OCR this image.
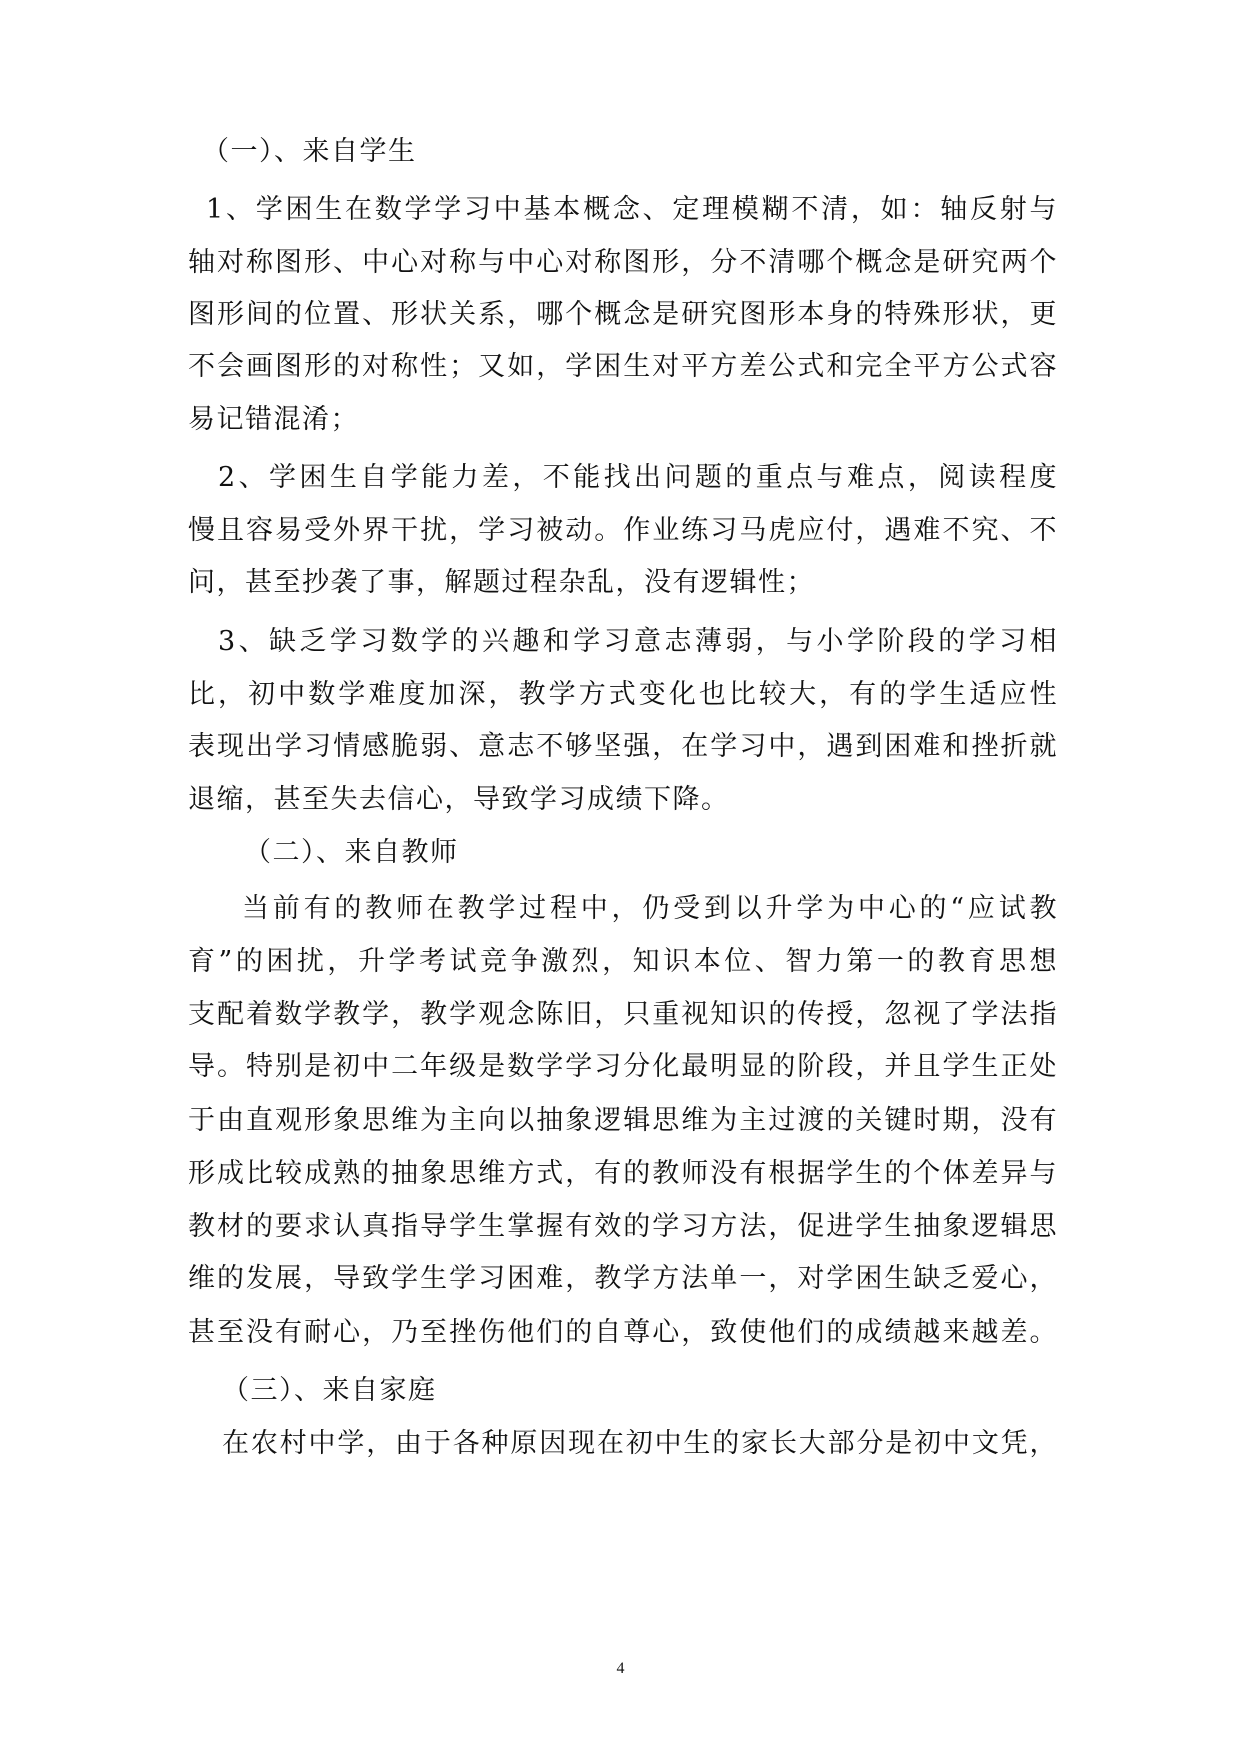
（一）、来自学生
1、学困生在数学学习中基本概念、定理模糊不清，如：轴反射与
轴对称图形、中心对称与中心对称图形，分不清哪个概念是研究两个
图形间的位置、形状关系，哪个概念是研究图形本身的特殊形状，更
不会画图形的对称性；又如，学困生对平方差公式和完全平方公式容
易记错混淆；
2、学困生自学能力差，不能找出问题的重点与难点，阅读程度
慢且容易受外界干扰，学习被动。作业练习马虎应付，遇难不究、不
问，甚至抄袭了事，解题过程杂乱，没有逻辑性；
3、缺乏学习数学的兴趣和学习意志薄弱，与小学阶段的学习相
比，初中数学难度加深，教学方式变化也比较大，有的学生适应性
表现出学习情感脆弱、意志不够坚强，在学习中，遇到困难和挫折就
退缩，甚至失去信心，导致学习成绩下降。
（二）、来自教师
当前有的教师在教学过程中，仍受到以升学为中心的“应试教
育”的困扰，升学考试竞争激烈，知识本位、智力第一的教育思想
支配着数学教学，教学观念陈旧，只重视知识的传授，忽视了学法指
导。特别是初中二年级是数学学习分化最明显的阶段，并且学生正处
于由直观形象思维为主向以抽象逻辑思维为主过渡的关键时期，没有
形成比较成熟的抽象思维方式，有的教师没有根据学生的个体差异与
教材的要求认真指导学生掌握有效的学习方法，促进学生抽象逻辑思
维的发展，导致学生学习困难，教学方法单一，对学困生缺乏爱心，
甚至没有耐心，乃至挫伤他们的自尊心，致使他们的成绩越来越差。
（三）、来自家庭
在农村中学，由于各种原因现在初中生的家长大部分是初中文凭，
4
